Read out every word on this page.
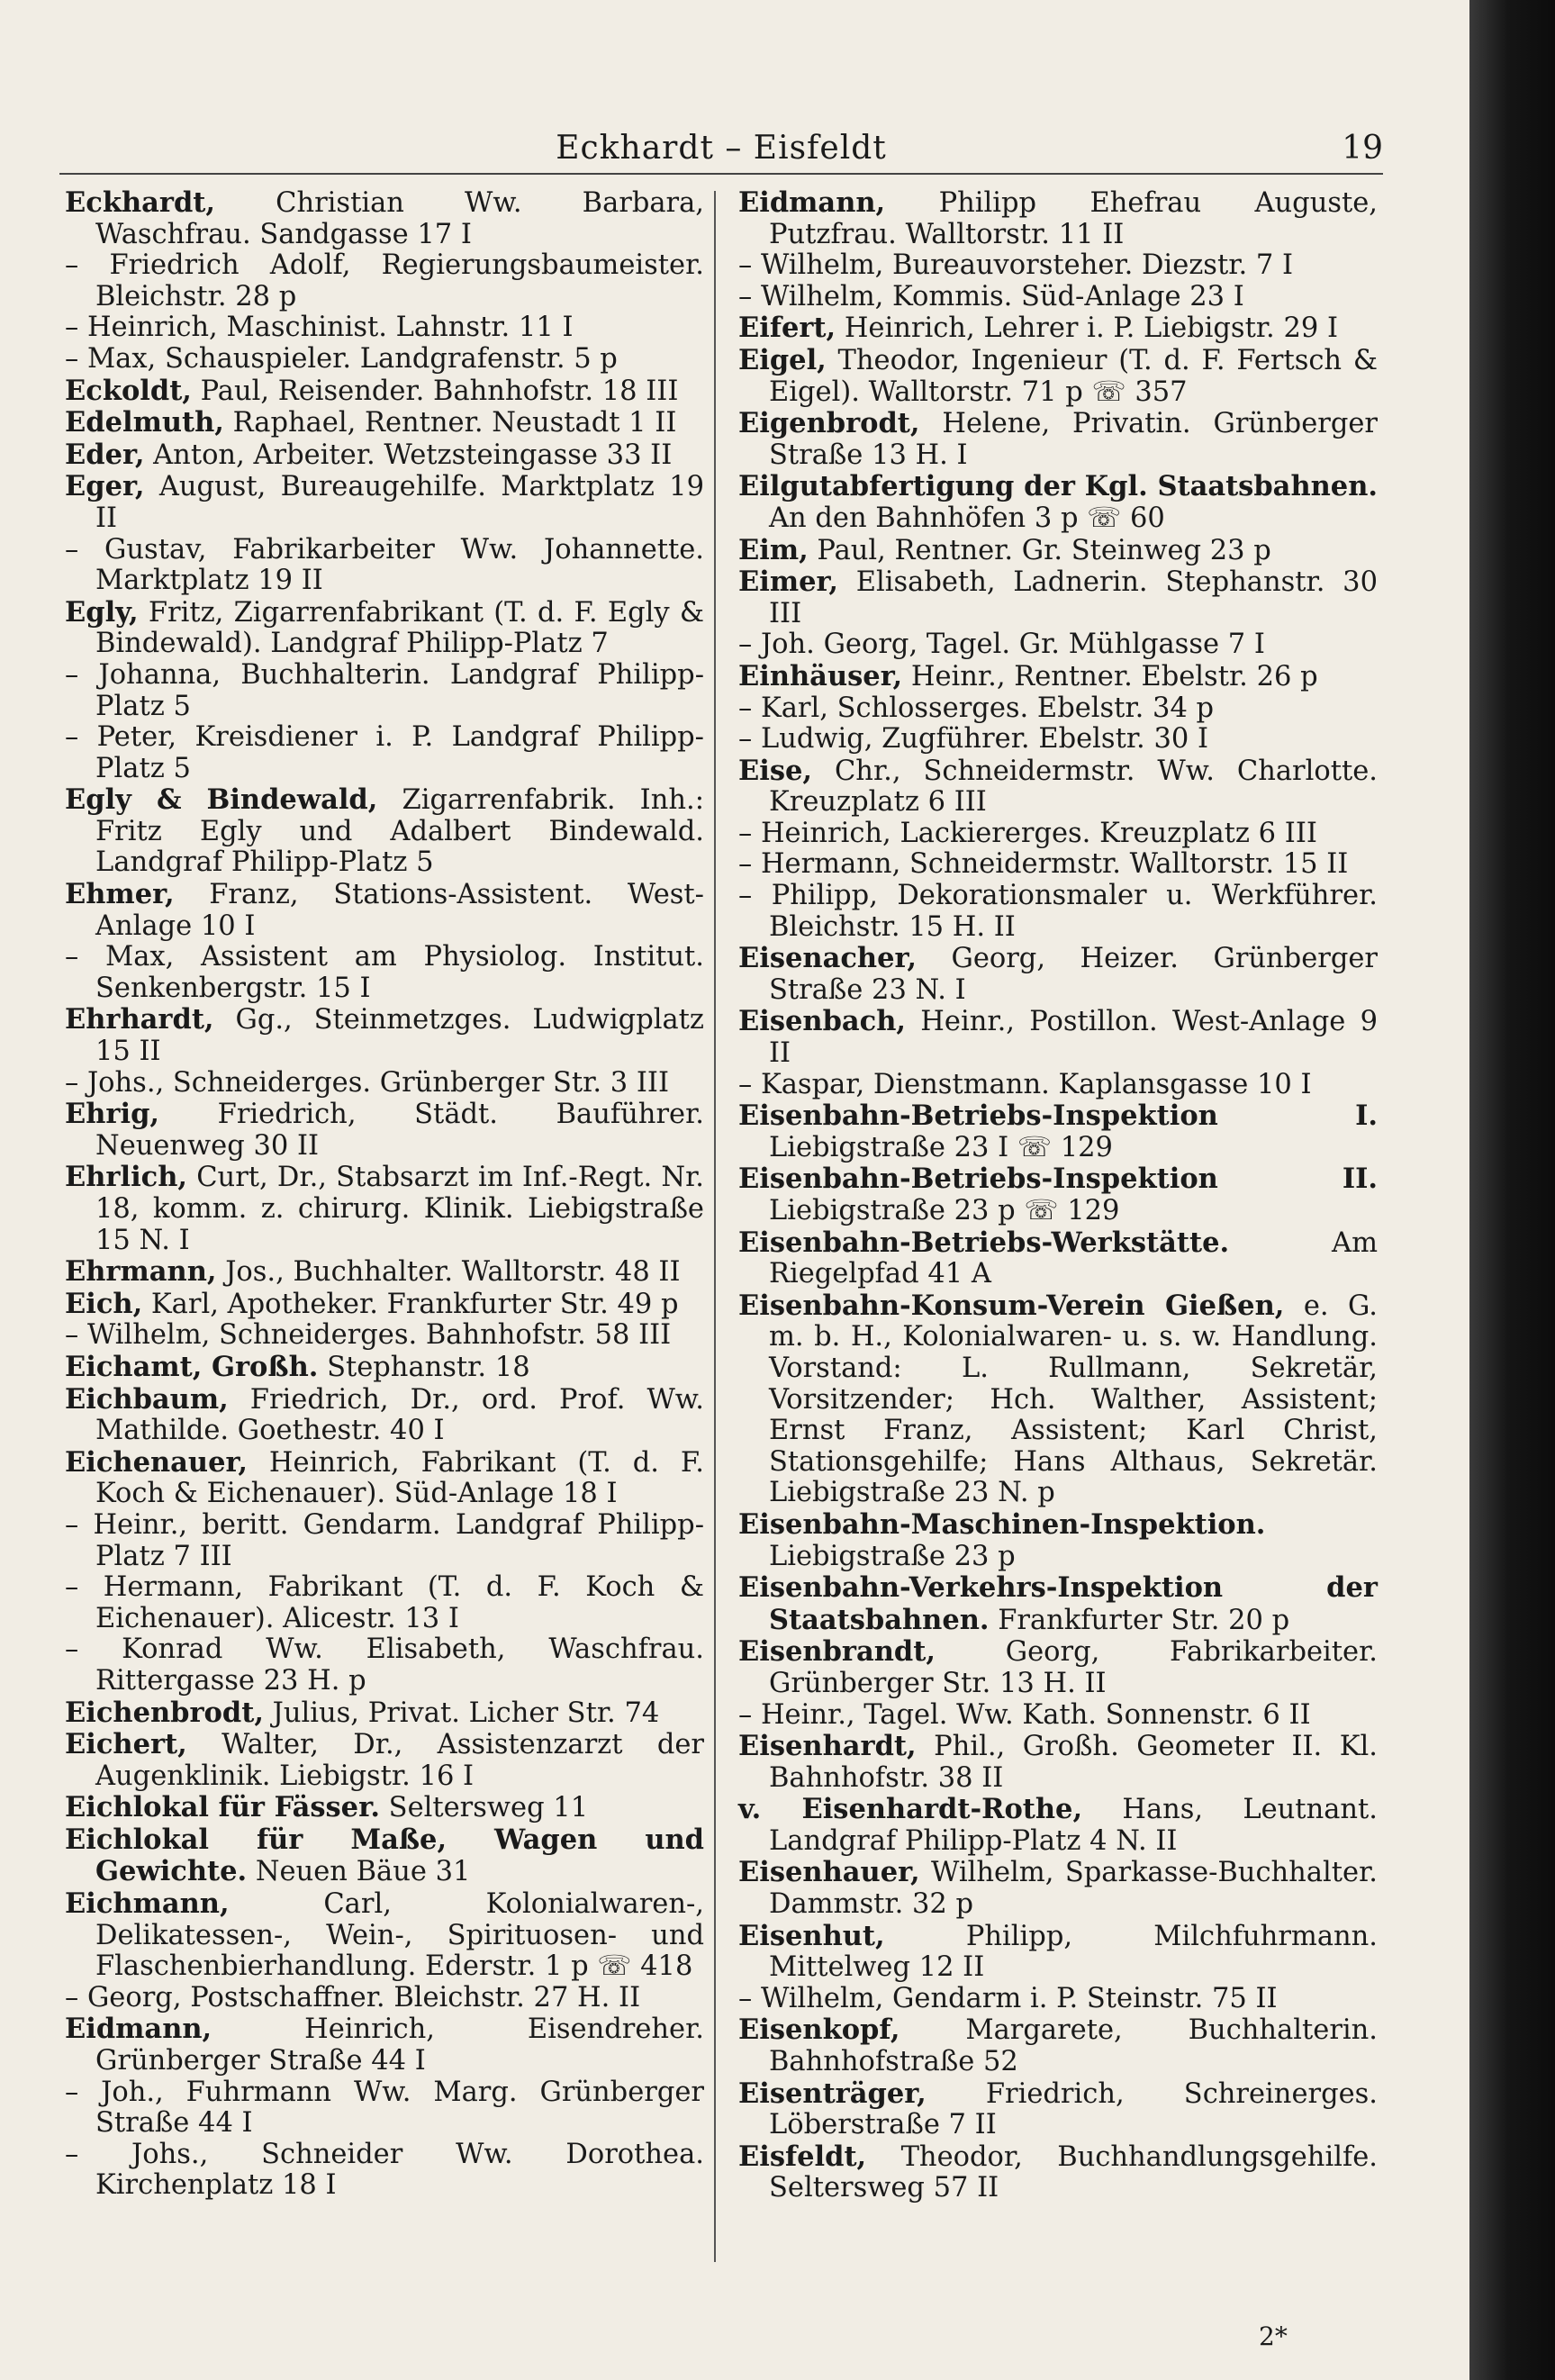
Eckhardt – Eisfeldt	19

Eckhardt, Christian Ww. Barbara, Waschfrau. Sandgasse 17 I

– Friedrich Adolf, Regierungsbaumeister. Bleichstr. 28 p

– Heinrich, Maschinist. Lahnstr. 11 I

– Max, Schauspieler. Landgrafenstr. 5 p

Eckoldt, Paul, Reisender. Bahnhofstr. 18 III

Edelmuth, Raphael, Rentner. Neustadt 1 II

Eder, Anton, Arbeiter. Wetzsteingasse 33 II

Eger, August, Bureaugehilfe. Marktplatz 19 II

– Gustav, Fabrikarbeiter Ww. Johannette. Marktplatz 19 II

Egly, Fritz, Zigarrenfabrikant (T. d. F. Egly & Bindewald). Landgraf Philipp-Platz 7

– Johanna, Buchhalterin. Landgraf Philipp-Platz 5

– Peter, Kreisdiener i. P. Landgraf Philipp-Platz 5

Egly & Bindewald, Zigarrenfabrik. Inh.: Fritz Egly und Adalbert Bindewald. Landgraf Philipp-Platz 5

Ehmer, Franz, Stations-Assistent. West-Anlage 10 I

– Max, Assistent am Physiolog. Institut. Senkenbergstr. 15 I

Ehrhardt, Gg., Steinmetzges. Ludwigplatz 15 II

– Johs., Schneiderges. Grünberger Str. 3 III

Ehrig, Friedrich, Städt. Bauführer. Neuenweg 30 II

Ehrlich, Curt, Dr., Stabsarzt im Inf.-Regt. Nr. 18, komm. z. chirurg. Klinik. Liebigstraße 15 N. I

Ehrmann, Jos., Buchhalter. Walltorstr. 48 II

Eich, Karl, Apotheker. Frankfurter Str. 49 p

– Wilhelm, Schneiderges. Bahnhofstr. 58 III

Eichamt, Großh. Stephanstr. 18

Eichbaum, Friedrich, Dr., ord. Prof. Ww. Mathilde. Goethestr. 40 I

Eichenauer, Heinrich, Fabrikant (T. d. F. Koch & Eichenauer). Süd-Anlage 18 I

– Heinr., beritt. Gendarm. Landgraf Philipp-Platz 7 III

– Hermann, Fabrikant (T. d. F. Koch & Eichenauer). Alicestr. 13 I

– Konrad Ww. Elisabeth, Waschfrau. Rittergasse 23 H. p

Eichenbrodt, Julius, Privat. Licher Str. 74

Eichert, Walter, Dr., Assistenzarzt der Augenklinik. Liebigstr. 16 I

Eichlokal für Fässer. Seltersweg 11

Eichlokal für Maße, Wagen und Gewichte. Neuen Bäue 31

Eichmann, Carl, Kolonialwaren-, Delikatessen-, Wein-, Spirituosen- und Flaschenbierhandlung. Ederstr. 1 p ☏ 418

– Georg, Postschaffner. Bleichstr. 27 H. II

Eidmann, Heinrich, Eisendreher. Grünberger Straße 44 I

– Joh., Fuhrmann Ww. Marg. Grünberger Straße 44 I

– Johs., Schneider Ww. Dorothea. Kirchenplatz 18 I

Eidmann, Philipp Ehefrau Auguste, Putzfrau. Walltorstr. 11 II

– Wilhelm, Bureauvorsteher. Diezstr. 7 I

– Wilhelm, Kommis. Süd-Anlage 23 I

Eifert, Heinrich, Lehrer i. P. Liebigstr. 29 I

Eigel, Theodor, Ingenieur (T. d. F. Fertsch & Eigel). Walltorstr. 71 p ☏ 357

Eigenbrodt, Helene, Privatin. Grünberger Straße 13 H. I

Eilgutabfertigung der Kgl. Staatsbahnen. An den Bahnhöfen 3 p ☏ 60

Eim, Paul, Rentner. Gr. Steinweg 23 p

Eimer, Elisabeth, Ladnerin. Stephanstr. 30 III

– Joh. Georg, Tagel. Gr. Mühlgasse 7 I

Einhäuser, Heinr., Rentner. Ebelstr. 26 p

– Karl, Schlosserges. Ebelstr. 34 p

– Ludwig, Zugführer. Ebelstr. 30 I

Eise, Chr., Schneidermstr. Ww. Charlotte. Kreuzplatz 6 III

– Heinrich, Lackiererges. Kreuzplatz 6 III

– Hermann, Schneidermstr. Walltorstr. 15 II

– Philipp, Dekorationsmaler u. Werkführer. Bleichstr. 15 H. II

Eisenacher, Georg, Heizer. Grünberger Straße 23 N. I

Eisenbach, Heinr., Postillon. West-Anlage 9 II

– Kaspar, Dienstmann. Kaplansgasse 10 I

Eisenbahn-Betriebs-Inspektion I. Liebigstraße 23 I ☏ 129

Eisenbahn-Betriebs-Inspektion II. Liebigstraße 23 p ☏ 129

Eisenbahn-Betriebs-Werkstätte. Am Riegelpfad 41 A

Eisenbahn-Konsum-Verein Gießen, e. G. m. b. H., Kolonialwaren- u. s. w. Handlung. Vorstand: L. Rullmann, Sekretär, Vorsitzender; Hch. Walther, Assistent; Ernst Franz, Assistent; Karl Christ, Stationsgehilfe; Hans Althaus, Sekretär. Liebigstraße 23 N. p

Eisenbahn-Maschinen-Inspektion. Liebigstraße 23 p

Eisenbahn-Verkehrs-Inspektion der Staatsbahnen. Frankfurter Str. 20 p

Eisenbrandt, Georg, Fabrikarbeiter. Grünberger Str. 13 H. II

– Heinr., Tagel. Ww. Kath. Sonnenstr. 6 II

Eisenhardt, Phil., Großh. Geometer II. Kl. Bahnhofstr. 38 II

v. Eisenhardt-Rothe, Hans, Leutnant. Landgraf Philipp-Platz 4 N. II

Eisenhauer, Wilhelm, Sparkasse-Buchhalter. Dammstr. 32 p

Eisenhut, Philipp, Milchfuhrmann. Mittelweg 12 II

– Wilhelm, Gendarm i. P. Steinstr. 75 II

Eisenkopf, Margarete, Buchhalterin. Bahnhofstraße 52

Eisenträger, Friedrich, Schreinerges. Löberstraße 7 II

Eisfeldt, Theodor, Buchhandlungsgehilfe. Seltersweg 57 II

2*
